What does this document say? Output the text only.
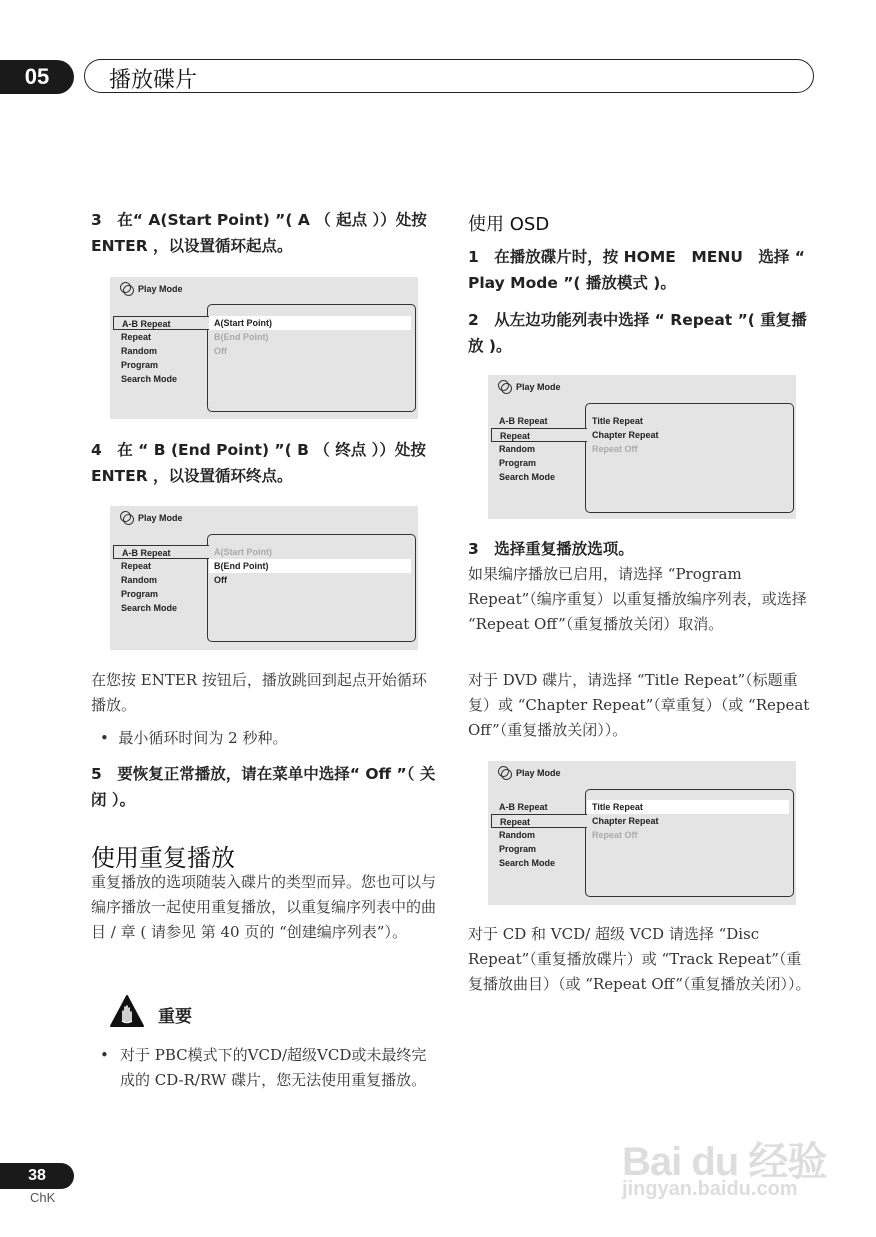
05	播放碟片
3　在“ A(Start Point) ”( A （ 起点 ））处按 ENTER ，以设置循环起点。
Play Mode
A-B Repeat
Repeat
Random
Program
Search Mode
A(Start Point)
B(End Point)
Off
4　在 “ B (End Point) ”( B （ 终点 ））处按 ENTER ，以设置循环终点。
Play Mode
A-B Repeat
Repeat
Random
Program
Search Mode
A(Start Point)
B(End Point)
Off
在您按 ENTER 按钮后，播放跳回到起点开始循环播放。
•  最小循环时间为 2 秒种。
5　要恢复正常播放，请在菜单中选择“ Off ”（ 关闭 ）。
使用重复播放
重复播放的选项随装入碟片的类型而异。您也可以与编序播放一起使用重复播放，以重复编序列表中的曲目 / 章 ( 请参见 第 40 页的 “创建编序列表”）。
重要
• 对于 PBC模式下的VCD/超级VCD或未最终完成的 CD-R/RW 碟片，您无法使用重复播放。
使用 OSD
1　在播放碟片时，按 HOME　MENU　选择 “ Play Mode ”( 播放模式 )。
2　从左边功能列表中选择 “ Repeat ”( 重复播放 )。
Play Mode
A-B Repeat
Repeat
Random
Program
Search Mode
Title Repeat
Chapter Repeat
Repeat Off
3　选择重复播放选项。
如果编序播放已启用，请选择 “Program Repeat”（编序重复）以重复播放编序列表，或选择 “Repeat Off”（重复播放关闭）取消。
对于 DVD 碟片，请选择 “Title Repeat”（标题重复）或 “Chapter Repeat”（章重复）（或 “Repeat Off”（重复播放关闭））。
Play Mode
A-B Repeat
Repeat
Random
Program
Search Mode
Title Repeat
Chapter Repeat
Repeat Off
对于 CD 和 VCD/ 超级 VCD 请选择 “Disc Repeat”（重复播放碟片）或 “Track Repeat”（重复播放曲目）（或 “Repeat Off”（重复播放关闭））。
38
ChK
Bai du 经验
jingyan.baidu.com
